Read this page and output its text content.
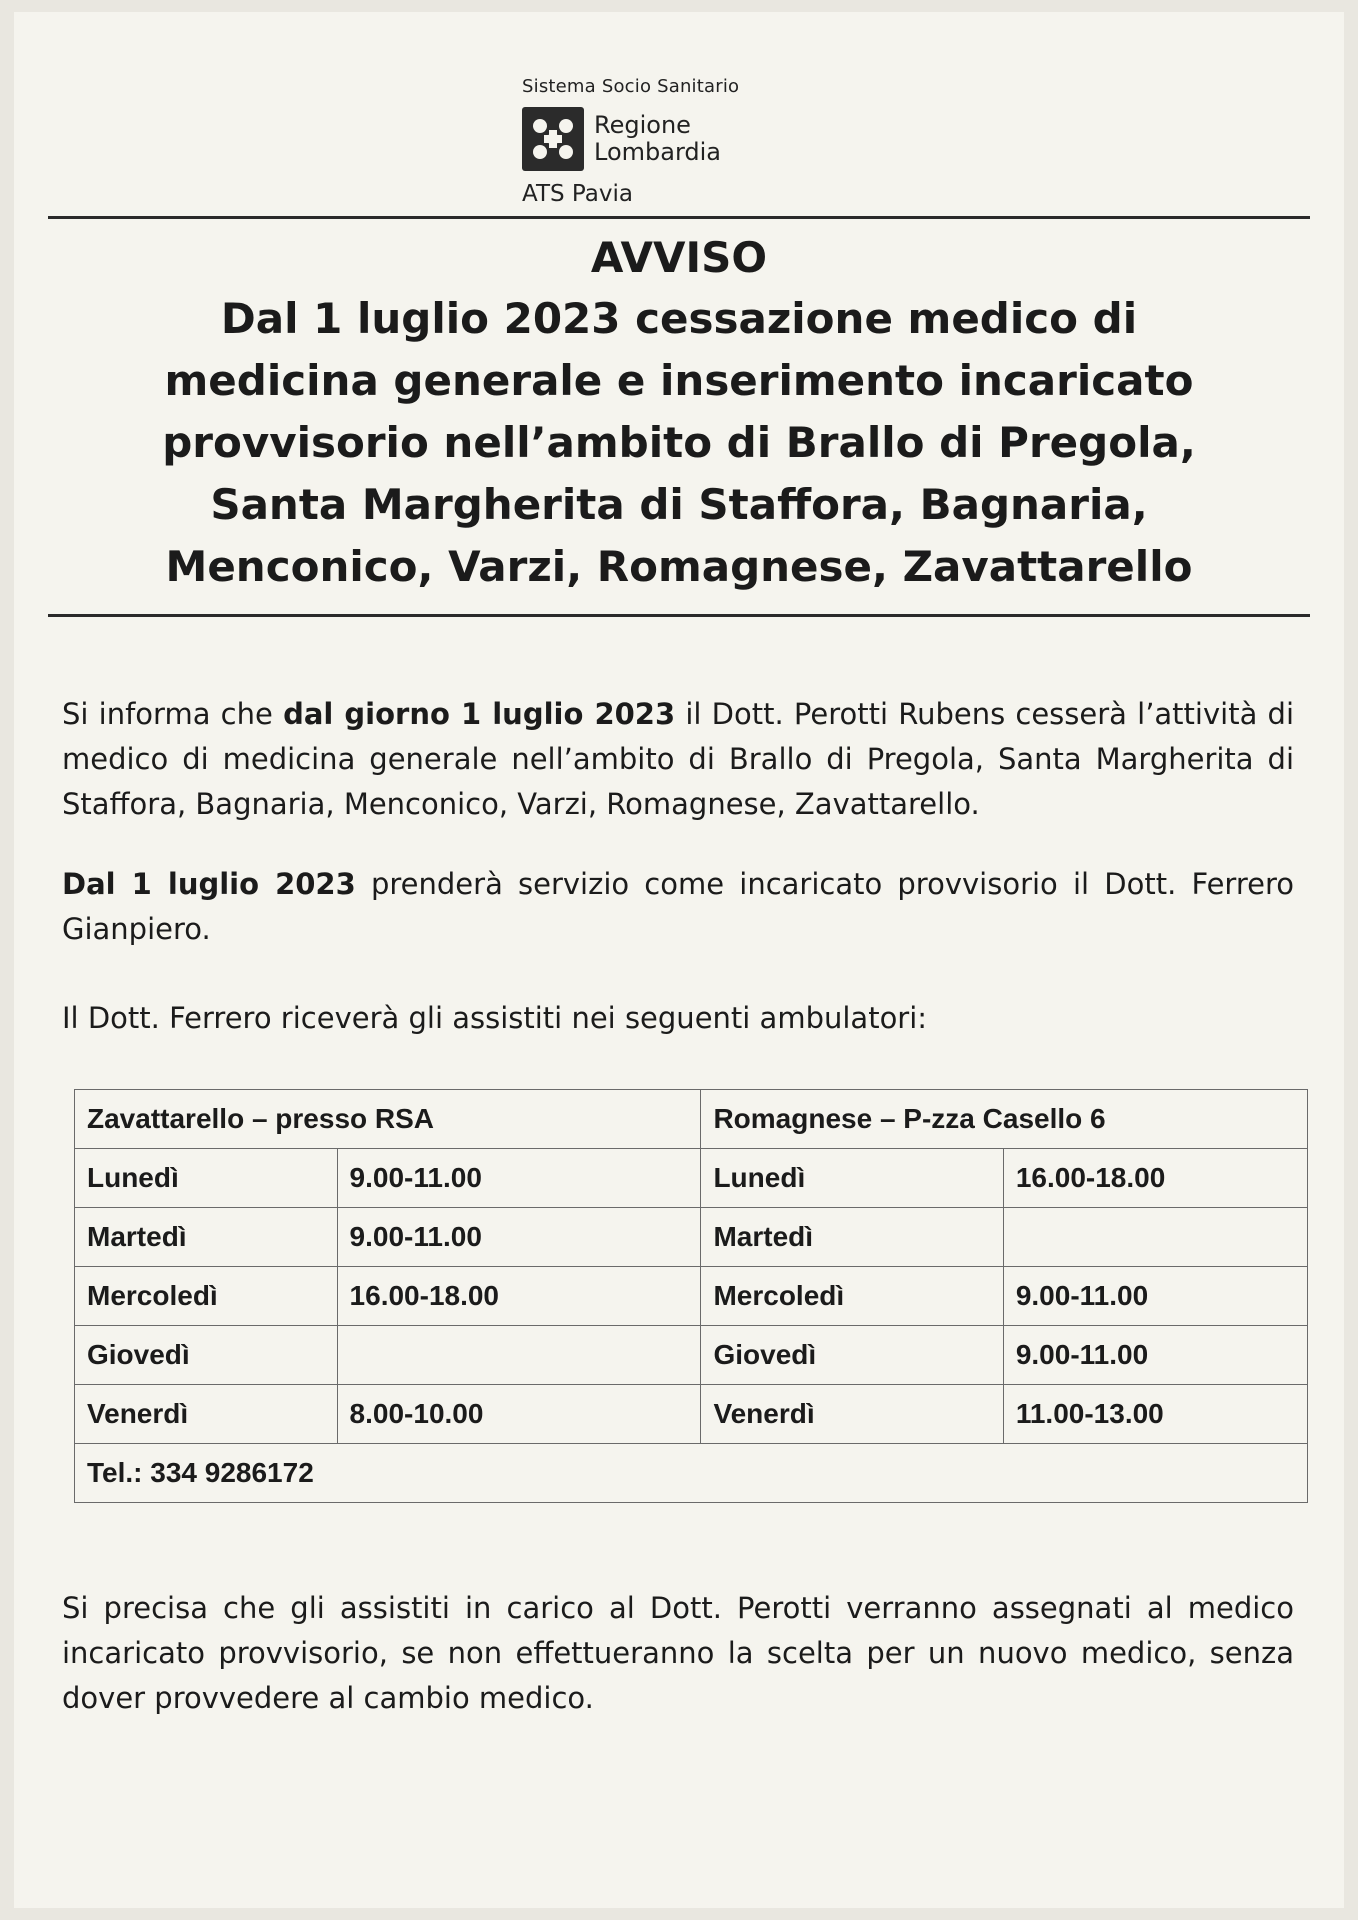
Sistema Socio Sanitario
Regione
Lombardia
ATS Pavia
AVVISO
Dal 1 luglio 2023 cessazione medico di
medicina generale e inserimento incaricato
provvisorio nell’ambito di Brallo di Pregola,
Santa Margherita di Staffora, Bagnaria,
Menconico, Varzi, Romagnese, Zavattarello
Si informa che dal giorno 1 luglio 2023 il Dott. Perotti Rubens cesserà l’attività di medico di medicina generale nell’ambito di Brallo di Pregola, Santa Margherita di Staffora, Bagnaria, Menconico, Varzi, Romagnese, Zavattarello.
Dal 1 luglio 2023 prenderà servizio come incaricato provvisorio il Dott. Ferrero Gianpiero.
Il Dott. Ferrero riceverà gli assistiti nei seguenti ambulatori:
Zavattarello – presso RSA		Romagnese – P-zza Casello 6	
Lunedì	9.00-11.00	Lunedì	16.00-18.00
Martedì	9.00-11.00	Martedì	
Mercoledì	16.00-18.00	Mercoledì	9.00-11.00
Giovedì		Giovedì	9.00-11.00
Venerdì	8.00-10.00	Venerdì	11.00-13.00
Tel.: 334 9286172			
Si precisa che gli assistiti in carico al Dott. Perotti verranno assegnati al medico incaricato provvisorio, se non effettueranno la scelta per un nuovo medico, senza dover provvedere al cambio medico.
